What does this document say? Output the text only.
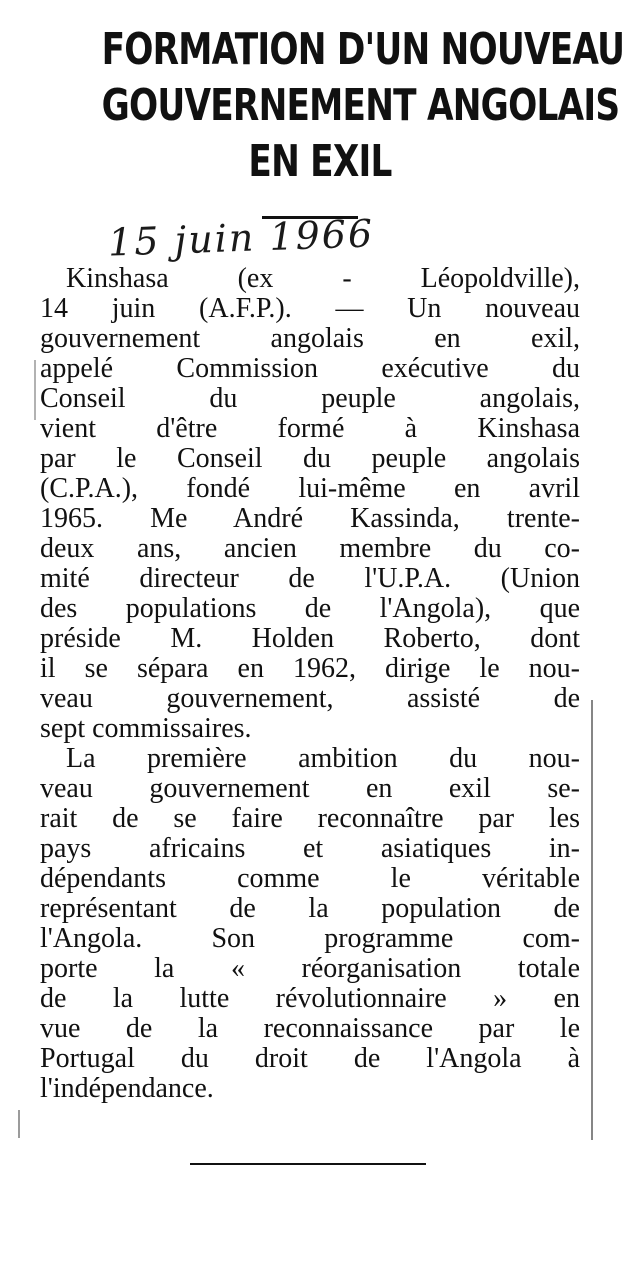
FORMATION D'UN NOUVEAU
GOUVERNEMENT ANGOLAIS
EN EXIL
15 juin 1966
Kinshasa (ex - Léopoldville),
14 juin (A.F.P.). — Un nouveau
gouvernement angolais en exil,
appelé Commission exécutive du
Conseil du peuple angolais,
vient d'être formé à Kinshasa
par le Conseil du peuple angolais
(C.P.A.), fondé lui-même en avril
1965. Me André Kassinda, trente-
deux ans, ancien membre du co-
mité directeur de l'U.P.A. (Union
des populations de l'Angola), que
préside M. Holden Roberto, dont
il se sépara en 1962, dirige le nou-
veau gouvernement, assisté de
sept commissaires.
La première ambition du nou-
veau gouvernement en exil se-
rait de se faire reconnaître par les
pays africains et asiatiques in-
dépendants comme le véritable
représentant de la population de
l'Angola. Son programme com-
porte la « réorganisation totale
de la lutte révolutionnaire » en
vue de la reconnaissance par le
Portugal du droit de l'Angola à
l'indépendance.
